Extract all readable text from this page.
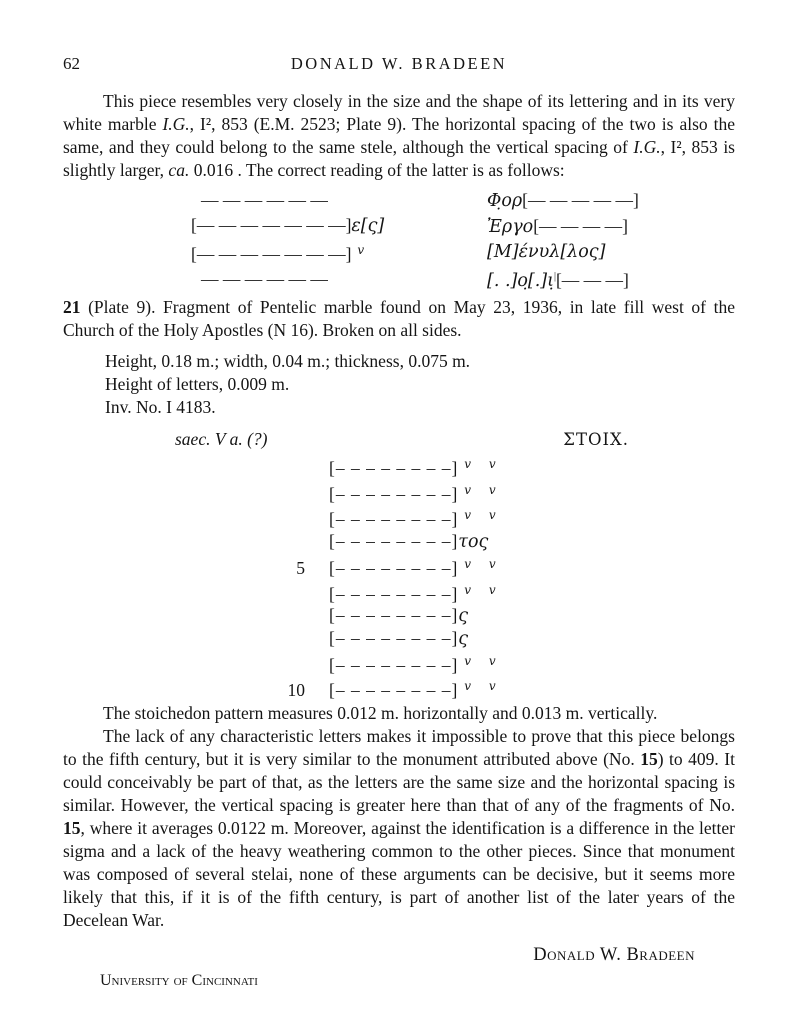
62	DONALD W. BRADEEN

This piece resembles very closely in the size and the shape of its lettering and in its very white marble I.G., I², 853 (E.M. 2523; Plate 9). The horizontal spacing of the two is also the same, and they could belong to the same stele, although the vertical spacing of I.G., I², 853 is slightly larger, ca. 0.016 . The correct reading of the latter is as follows:

— — — — — —
[— — — — — — —]ε[ς]
[— — — — — — —] $^v$
— — — — — —
Φ̣ορ[— — — — —]
Ἐργο[— — — —]
[Μ]ένυλ[λος]
[. .]ο̣[.]ι̣|[— — —]

21 (Plate 9). Fragment of Pentelic marble found on May 23, 1936, in late fill west of the Church of the Holy Apostles (N 16). Broken on all sides.

Height, 0.18 m.; width, 0.04 m.; thickness, 0.075 m.
Height of letters, 0.009 m.
Inv. No. I 4183.
saec. V a. (?)	ΣΤΟΙΧ.
[– – – – – – – –] $^{v v}$
[– – – – – – – –] $^{v v}$
[– – – – – – – –] $^{v v}$
[– – – – – – – –]τος
5 [– – – – – – – –] $^{v v}$
[– – – – – – – –] $^{v v}$
[– – – – – – – –]ς
[– – – – – – – –]ς
[– – – – – – – –] $^{v v}$
10 [– – – – – – – –] $^{v v}$

The stoichedon pattern measures 0.012 m. horizontally and 0.013 m. vertically.

The lack of any characteristic letters makes it impossible to prove that this piece belongs to the fifth century, but it is very similar to the monument attributed above (No. 15) to 409. It could conceivably be part of that, as the letters are the same size and the horizontal spacing is similar. However, the vertical spacing is greater here than that of any of the fragments of No. 15, where it averages 0.0122 m. Moreover, against the identification is a difference in the letter sigma and a lack of the heavy weathering common to the other pieces. Since that monument was composed of several stelai, none of these arguments can be decisive, but it seems more likely that this, if it is of the fifth century, is part of another list of the later years of the Decelean War.

Donald W. Bradeen
University of Cincinnati
